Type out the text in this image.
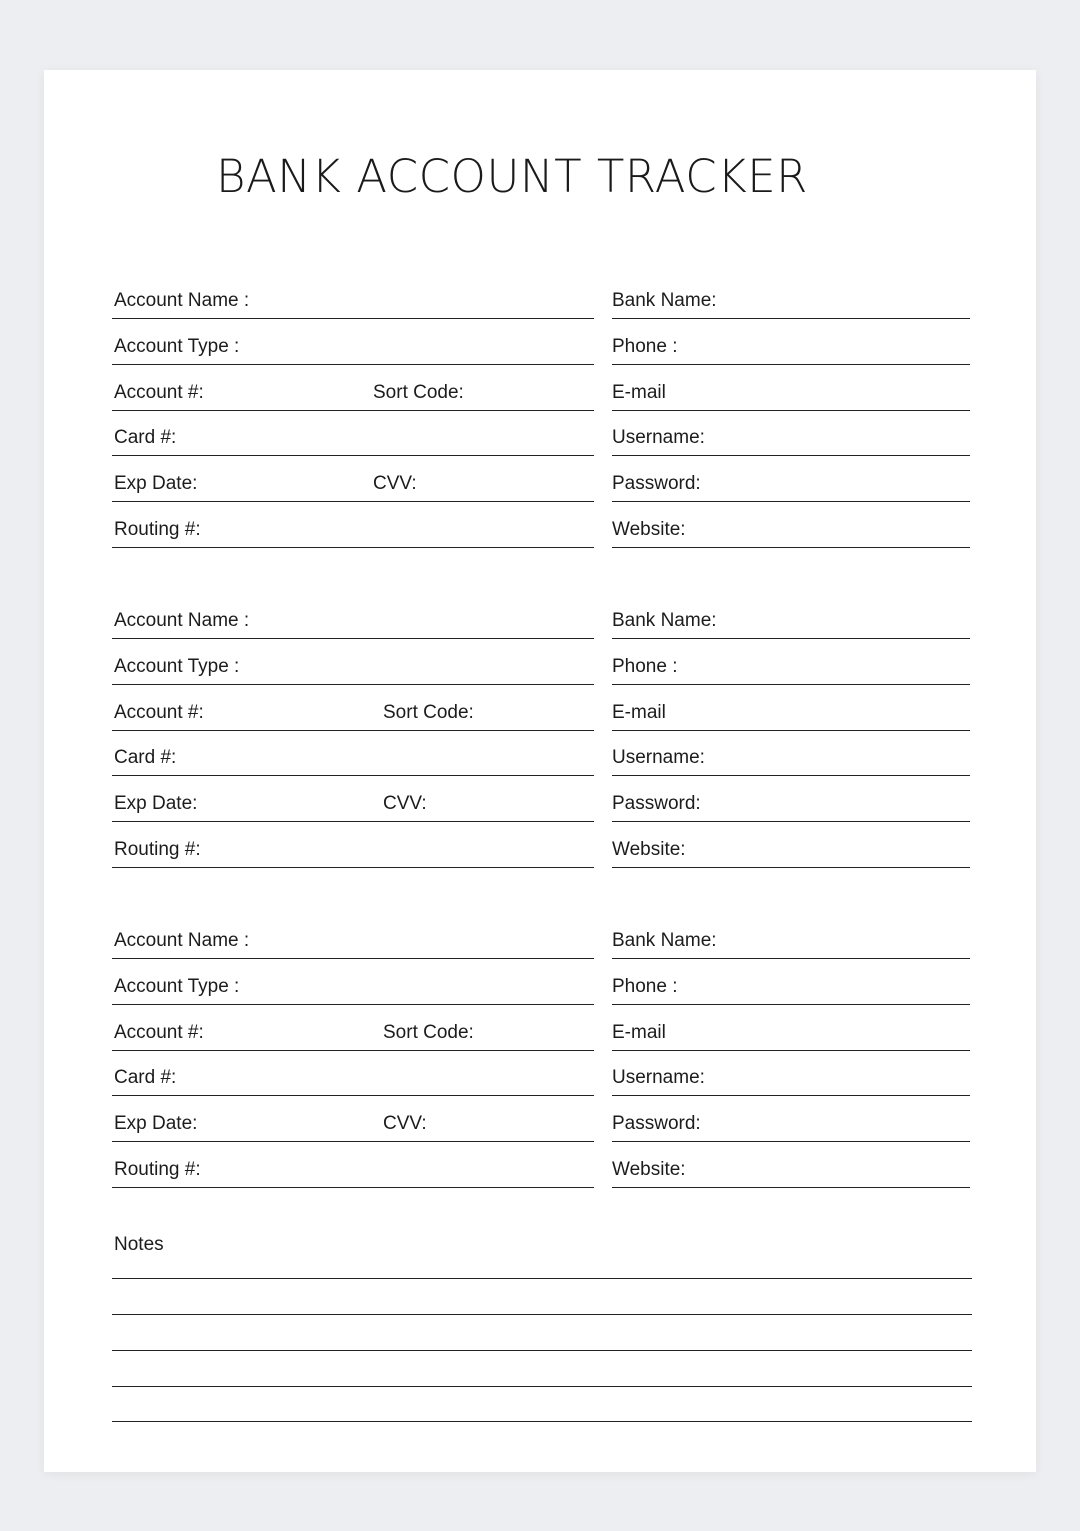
BANK ACCOUNT TRACKER
Account Name :
Account Type :
Account #:	Sort Code:
Card #:
Exp Date:	CVV:
Routing #:
Bank Name:
Phone :
E-mail
Username:
Password:
Website:
Account Name :
Account Type :
Account #:	Sort Code:
Card #:
Exp Date:	CVV:
Routing #:
Bank Name:
Phone :
E-mail
Username:
Password:
Website:
Account Name :
Account Type :
Account #:	Sort Code:
Card #:
Exp Date:	CVV:
Routing #:
Bank Name:
Phone :
E-mail
Username:
Password:
Website:
Notes
